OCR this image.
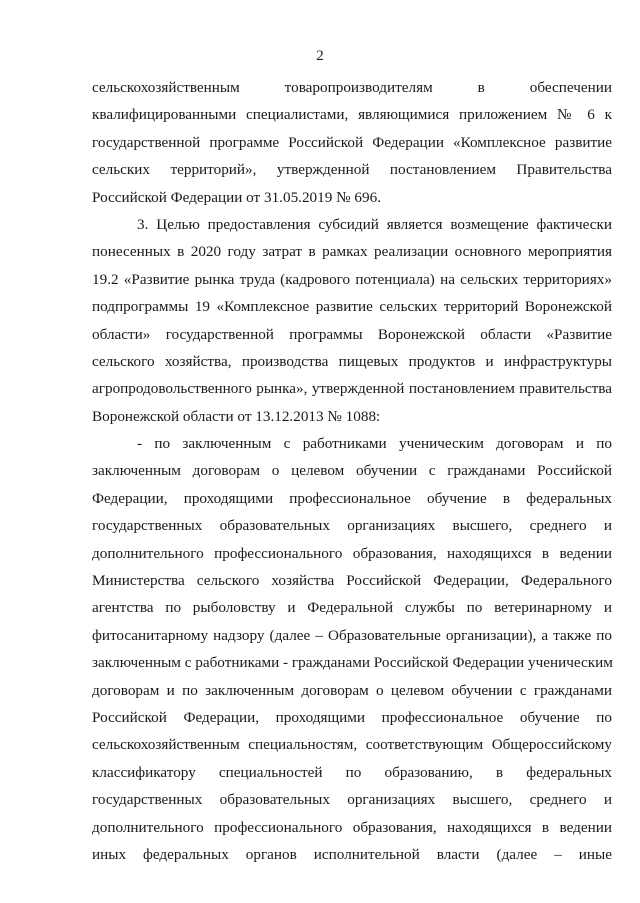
2
сельскохозяйственным товаропроизводителям в обеспечении
квалифицированными специалистами, являющимися приложением № 6 к
государственной программе Российской Федерации «Комплексное развитие
сельских территорий», утвержденной постановлением Правительства
Российской Федерации от 31.05.2019 № 696.
3. Целью предоставления субсидий является возмещение фактически
понесенных в 2020 году затрат в рамках реализации основного мероприятия
19.2 «Развитие рынка труда (кадрового потенциала) на сельских территориях»
подпрограммы 19 «Комплексное развитие сельских территорий Воронежской
области» государственной программы Воронежской области «Развитие
сельского хозяйства, производства пищевых продуктов и инфраструктуры
агропродовольственного рынка», утвержденной постановлением правительства
Воронежской области от 13.12.2013 № 1088:
- по заключенным с работниками ученическим договорам и по
заключенным договорам о целевом обучении с гражданами Российской
Федерации, проходящими профессиональное обучение в федеральных
государственных образовательных организациях высшего, среднего и
дополнительного профессионального образования, находящихся в ведении
Министерства сельского хозяйства Российской Федерации, Федерального
агентства по рыболовству и Федеральной службы по ветеринарному и
фитосанитарному надзору (далее – Образовательные организации), а также по
заключенным с работниками - гражданами Российской Федерации ученическим
договорам и по заключенным договорам о целевом обучении с гражданами
Российской Федерации, проходящими профессиональное обучение по
сельскохозяйственным специальностям, соответствующим Общероссийскому
классификатору специальностей по образованию, в федеральных
государственных образовательных организациях высшего, среднего и
дополнительного профессионального образования, находящихся в ведении
иных федеральных органов исполнительной власти (далее – иные
